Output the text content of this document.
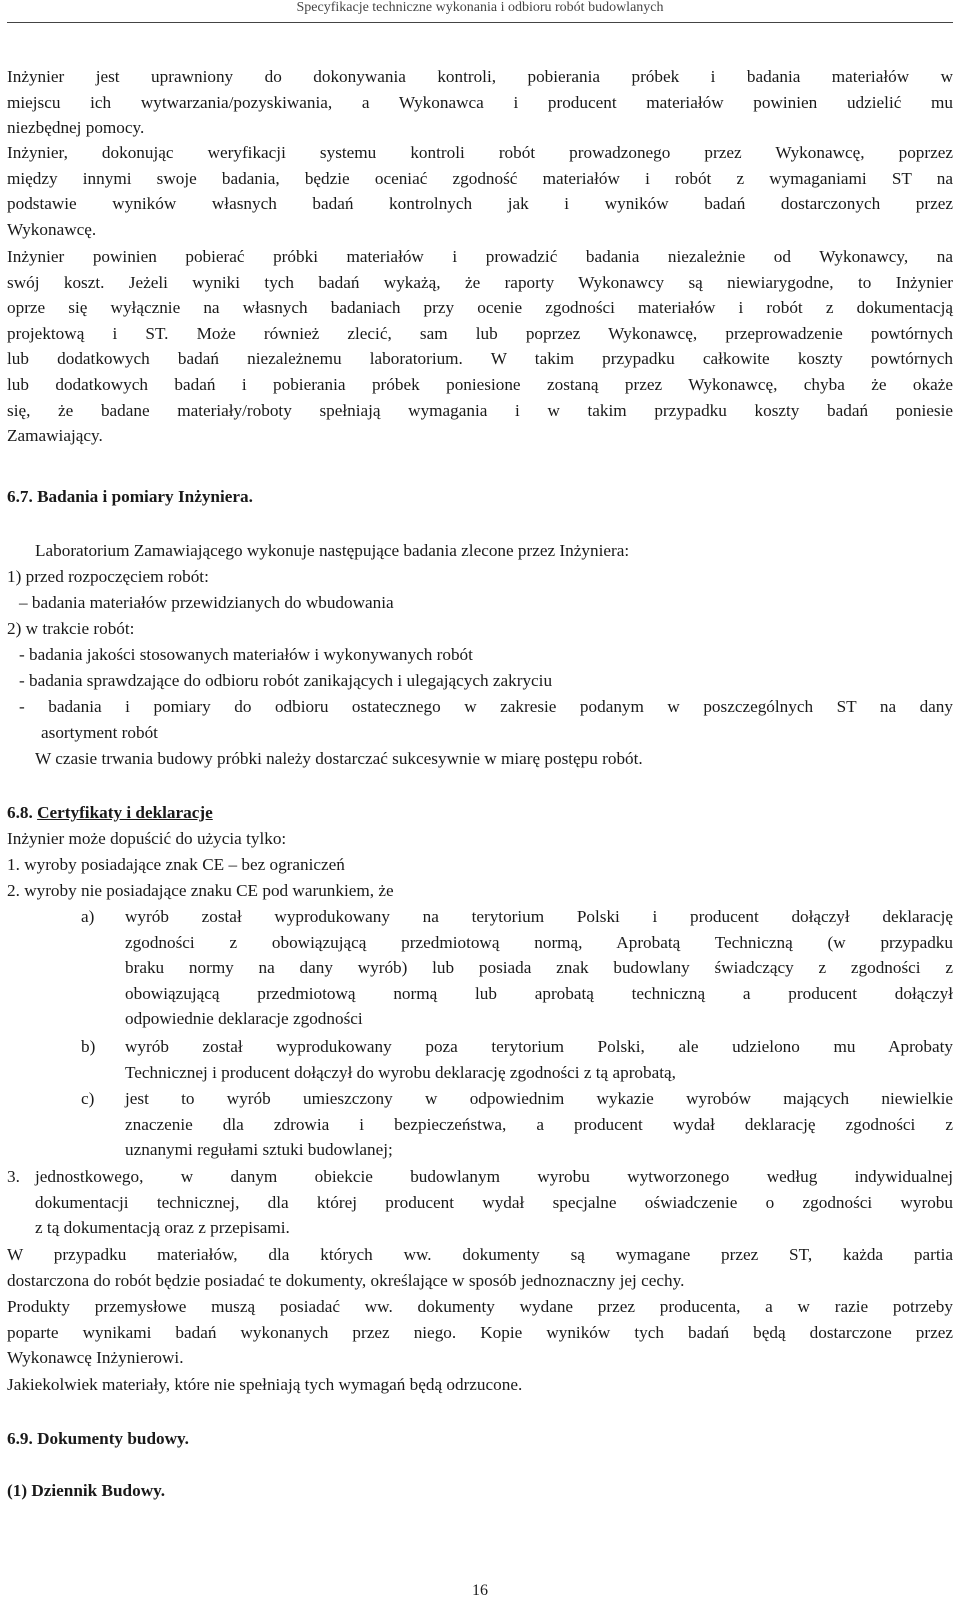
Specyfikacje techniczne wykonania i odbioru robót budowlanych
Inżynier jest uprawniony do dokonywania kontroli, pobierania próbek i badania materiałów w
miejscu ich wytwarzania/pozyskiwania, a Wykonawca i producent materiałów powinien udzielić mu
niezbędnej pomocy.
Inżynier, dokonując weryfikacji systemu kontroli robót prowadzonego przez Wykonawcę, poprzez
między innymi swoje badania, będzie oceniać zgodność materiałów i robót z wymaganiami ST na
podstawie wyników własnych badań kontrolnych jak i wyników badań dostarczonych przez
Wykonawcę.
Inżynier powinien pobierać próbki materiałów i prowadzić badania niezależnie od Wykonawcy, na
swój koszt. Jeżeli wyniki tych badań wykażą, że raporty Wykonawcy są niewiarygodne, to Inżynier
oprze się wyłącznie na własnych badaniach przy ocenie zgodności materiałów i robót z dokumentacją
projektową i ST. Może również zlecić, sam lub poprzez Wykonawcę, przeprowadzenie powtórnych
lub dodatkowych badań niezależnemu laboratorium. W takim przypadku całkowite koszty powtórnych
lub dodatkowych badań i pobierania próbek poniesione zostaną przez Wykonawcę, chyba że okaże
się, że badane materiały/roboty spełniają wymagania i w takim przypadku koszty badań poniesie
Zamawiający.
6.7. Badania i pomiary Inżyniera.
Laboratorium Zamawiającego wykonuje następujące badania zlecone przez Inżyniera:
1) przed rozpoczęciem robót:
– badania materiałów przewidzianych do wbudowania
2) w trakcie robót:
- badania jakości stosowanych materiałów i wykonywanych robót
- badania sprawdzające do odbioru robót zanikających i ulegających zakryciu
- badania i pomiary do odbioru ostatecznego w zakresie podanym w poszczególnych ST na dany
asortyment robót
W czasie trwania budowy próbki należy dostarczać sukcesywnie w miarę postępu robót.
6.8. Certyfikaty i deklaracje
Inżynier może dopuścić do użycia tylko:
1. wyroby posiadające znak CE – bez ograniczeń
2. wyroby nie posiadające znaku CE pod warunkiem, że
a) wyrób został wyprodukowany na terytorium Polski i producent dołączył deklarację
zgodności z obowiązującą przedmiotową normą, Aprobatą Techniczną (w przypadku
braku normy na dany wyrób) lub posiada znak budowlany świadczący z zgodności z
obowiązującą przedmiotową normą lub aprobatą techniczną a producent dołączył
odpowiednie deklaracje zgodności
b) wyrób został wyprodukowany poza terytorium Polski, ale udzielono mu Aprobaty
Technicznej i producent dołączył do wyrobu deklarację zgodności z tą aprobatą,
c) jest to wyrób umieszczony w odpowiednim wykazie wyrobów mających niewielkie
znaczenie dla zdrowia i bezpieczeństwa, a producent wydał deklarację zgodności z
uznanymi regułami sztuki budowlanej;
3. jednostkowego, w danym obiekcie budowlanym wyrobu wytworzonego według indywidualnej
dokumentacji technicznej, dla której producent wydał specjalne oświadczenie o zgodności wyrobu
z tą dokumentacją oraz z przepisami.
W przypadku materiałów, dla których ww. dokumenty są wymagane przez ST, każda partia
dostarczona do robót będzie posiadać te dokumenty, określające w sposób jednoznaczny jej cechy.
Produkty przemysłowe muszą posiadać ww. dokumenty wydane przez producenta, a w razie potrzeby
poparte wynikami badań wykonanych przez niego. Kopie wyników tych badań będą dostarczone przez
Wykonawcę Inżynierowi.
Jakiekolwiek materiały, które nie spełniają tych wymagań będą odrzucone.
6.9. Dokumenty budowy.
(1) Dziennik Budowy.
16
